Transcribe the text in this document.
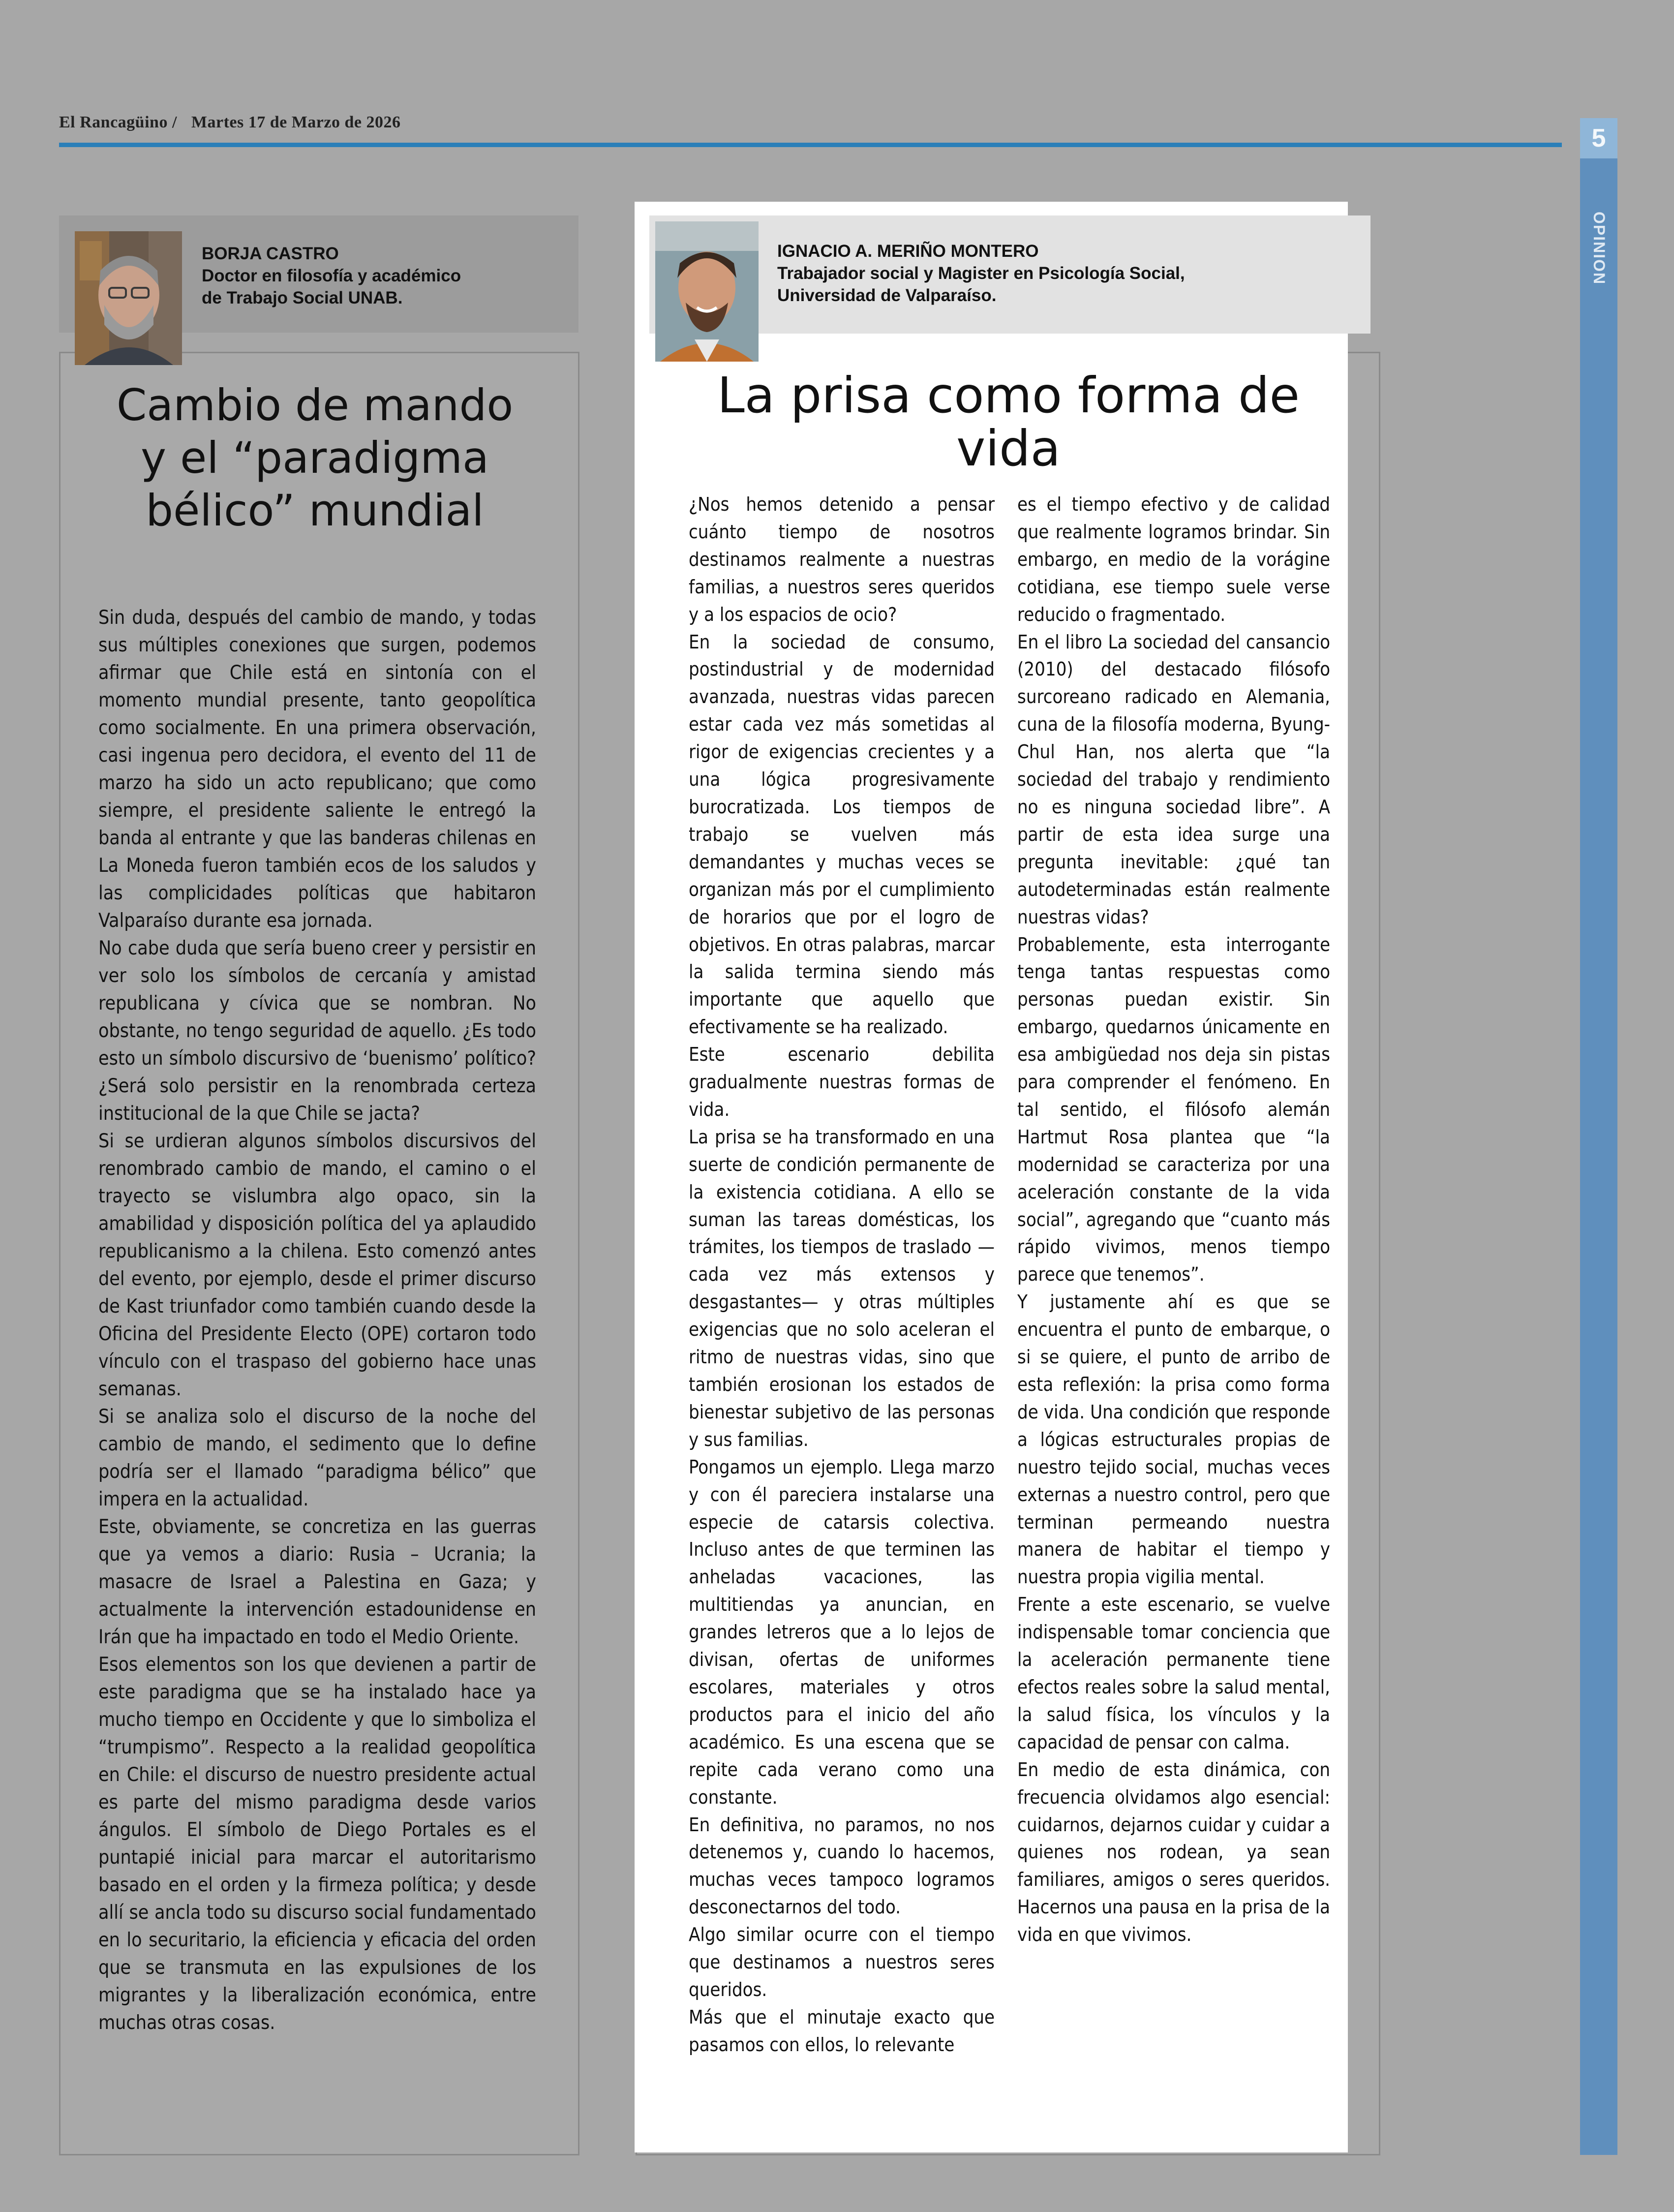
El Rancagüino / Martes 17 de Marzo de 2026
5
OPINION
BORJA CASTRO
Doctor en filosofía y académico
de Trabajo Social UNAB.
Cambio de mando y el “paradigma bélico” mundial

Sin duda, después del cambio de mando, y todas sus múltiples conexiones que surgen, podemos afirmar que Chile está en sintonía con el momento mundial presente, tanto geopolítica como socialmente. En una primera observación, casi ingenua pero decidora, el evento del 11 de marzo ha sido un acto republicano; que como siempre, el presidente saliente le entregó la banda al entrante y que las banderas chilenas en La Moneda fueron también ecos de los saludos y las complicidades políticas que habitaron Valparaíso durante esa jornada.

No cabe duda que sería bueno creer y persistir en ver solo los símbolos de cercanía y amistad republicana y cívica que se nombran. No obstante, no tengo seguridad de aquello. ¿Es todo esto un símbolo discursivo de ‘buenismo’ político? ¿Será solo persistir en la renombrada certeza institucional de la que Chile se jacta?

Si se urdieran algunos símbolos discursivos del renombrado cambio de mando, el camino o el trayecto se vislumbra algo opaco, sin la amabilidad y disposición política del ya aplaudido republicanismo a la chilena. Esto comenzó antes del evento, por ejemplo, desde el primer discurso de Kast triunfador como también cuando desde la Oficina del Presidente Electo (OPE) cortaron todo vínculo con el traspaso del gobierno hace unas semanas.

Si se analiza solo el discurso de la noche del cambio de mando, el sedimento que lo define podría ser el llamado “paradigma bélico” que impera en la actualidad.

Este, obviamente, se concretiza en las guerras que ya vemos a diario: Rusia – Ucrania; la masacre de Israel a Palestina en Gaza; y actualmente la intervención estadounidense en Irán que ha impactado en todo el Medio Oriente.

Esos elementos son los que devienen a partir de este paradigma que se ha instalado hace ya mucho tiempo en Occidente y que lo simboliza el “trumpismo”. Respecto a la realidad geopolítica en Chile: el discurso de nuestro presidente actual es parte del mismo paradigma desde varios ángulos. El símbolo de Diego Portales es el puntapié inicial para marcar el autoritarismo basado en el orden y la firmeza política; y desde allí se ancla todo su discurso social fundamentado en lo securitario, la eficiencia y eficacia del orden que se transmuta en las expulsiones de los migrantes y la liberalización económica, entre muchas otras cosas.

IGNACIO A. MERIÑO MONTERO
Trabajador social y Magister en Psicología Social,
Universidad de Valparaíso.
La prisa como forma de vida

¿Nos hemos detenido a pensar cuánto tiempo de nosotros destinamos realmente a nuestras familias, a nuestros seres queridos y a los espacios de ocio?

En la sociedad de consumo, postindustrial y de modernidad avanzada, nuestras vidas parecen estar cada vez más sometidas al rigor de exigencias crecientes y a una lógica progresivamente burocratizada. Los tiempos de trabajo se vuelven más demandantes y muchas veces se organizan más por el cumplimiento de horarios que por el logro de objetivos. En otras palabras, marcar la salida termina siendo más importante que aquello que efectivamente se ha realizado.

Este escenario debilita gradualmente nuestras formas de vida.

La prisa se ha transformado en una suerte de condición permanente de la existencia cotidiana. A ello se suman las tareas domésticas, los trámites, los tiempos de traslado —cada vez más extensos y desgastantes— y otras múltiples exigencias que no solo aceleran el ritmo de nuestras vidas, sino que también erosionan los estados de bienestar subjetivo de las personas y sus familias.

Pongamos un ejemplo. Llega marzo y con él pareciera instalarse una especie de catarsis colectiva. Incluso antes de que terminen las anheladas vacaciones, las multitiendas ya anuncian, en grandes letreros que a lo lejos de divisan, ofertas de uniformes escolares, materiales y otros productos para el inicio del año académico. Es una escena que se repite cada verano como una constante.

En definitiva, no paramos, no nos detenemos y, cuando lo hacemos, muchas veces tampoco logramos desconectarnos del todo.

Algo similar ocurre con el tiempo que destinamos a nuestros seres queridos.

Más que el minutaje exacto que pasamos con ellos, lo relevante

es el tiempo efectivo y de calidad que realmente logramos brindar. Sin embargo, en medio de la vorágine cotidiana, ese tiempo suele verse reducido o fragmentado.

En el libro La sociedad del cansancio (2010) del destacado filósofo surcoreano radicado en Alemania, cuna de la filosofía moderna, Byung-Chul Han, nos alerta que “la sociedad del trabajo y rendimiento no es ninguna sociedad libre”. A partir de esta idea surge una pregunta inevitable: ¿qué tan autodeterminadas están realmente nuestras vidas?

Probablemente, esta interrogante tenga tantas respuestas como personas puedan existir. Sin embargo, quedarnos únicamente en esa ambigüedad nos deja sin pistas para comprender el fenómeno. En tal sentido, el filósofo alemán Hartmut Rosa plantea que “la modernidad se caracteriza por una aceleración constante de la vida social”, agregando que “cuanto más rápido vivimos, menos tiempo parece que tenemos”.

Y justamente ahí es que se encuentra el punto de embarque, o si se quiere, el punto de arribo de esta reflexión: la prisa como forma de vida. Una condición que responde a lógicas estructurales propias de nuestro tejido social, muchas veces externas a nuestro control, pero que terminan permeando nuestra manera de habitar el tiempo y nuestra propia vigilia mental.

Frente a este escenario, se vuelve indispensable tomar conciencia que la aceleración permanente tiene efectos reales sobre la salud mental, la salud física, los vínculos y la capacidad de pensar con calma.

En medio de esta dinámica, con frecuencia olvidamos algo esencial: cuidarnos, dejarnos cuidar y cuidar a quienes nos rodean, ya sean familiares, amigos o seres queridos. Hacernos una pausa en la prisa de la vida en que vivimos.
